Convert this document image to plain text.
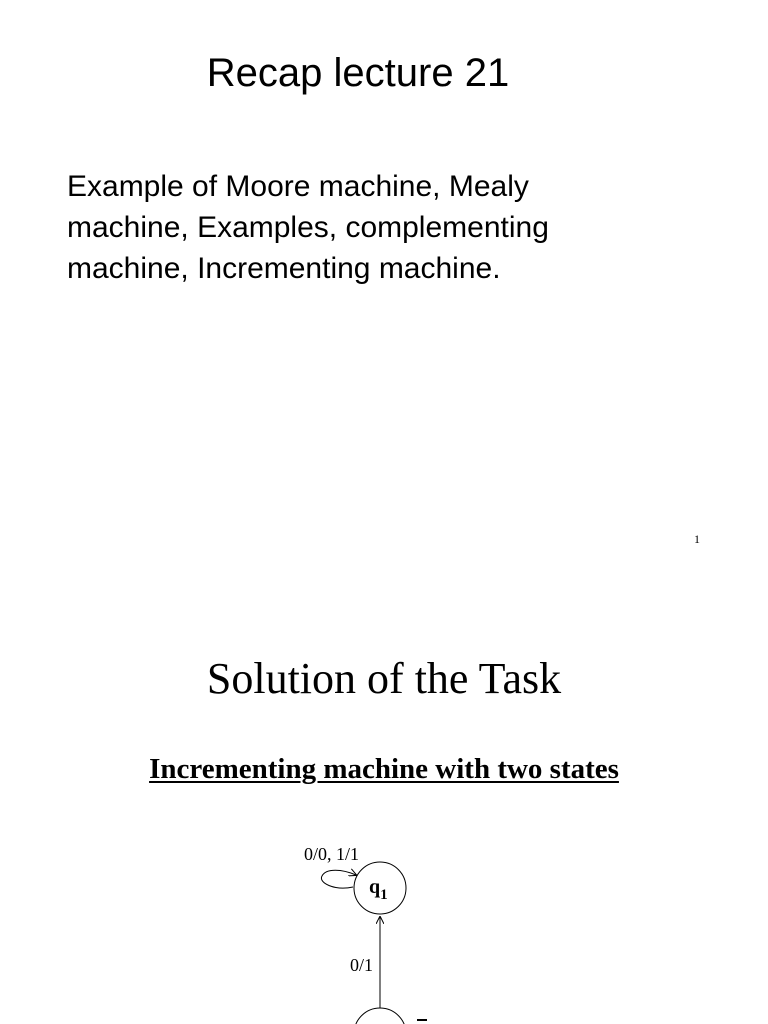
Recap lecture 21

Example of Moore machine, Mealy

machine, Examples, complementing

machine, Incrementing machine.

1
Solution of the Task
Incrementing machine with two states
0/0, 1/1
$q_1$
0/1
